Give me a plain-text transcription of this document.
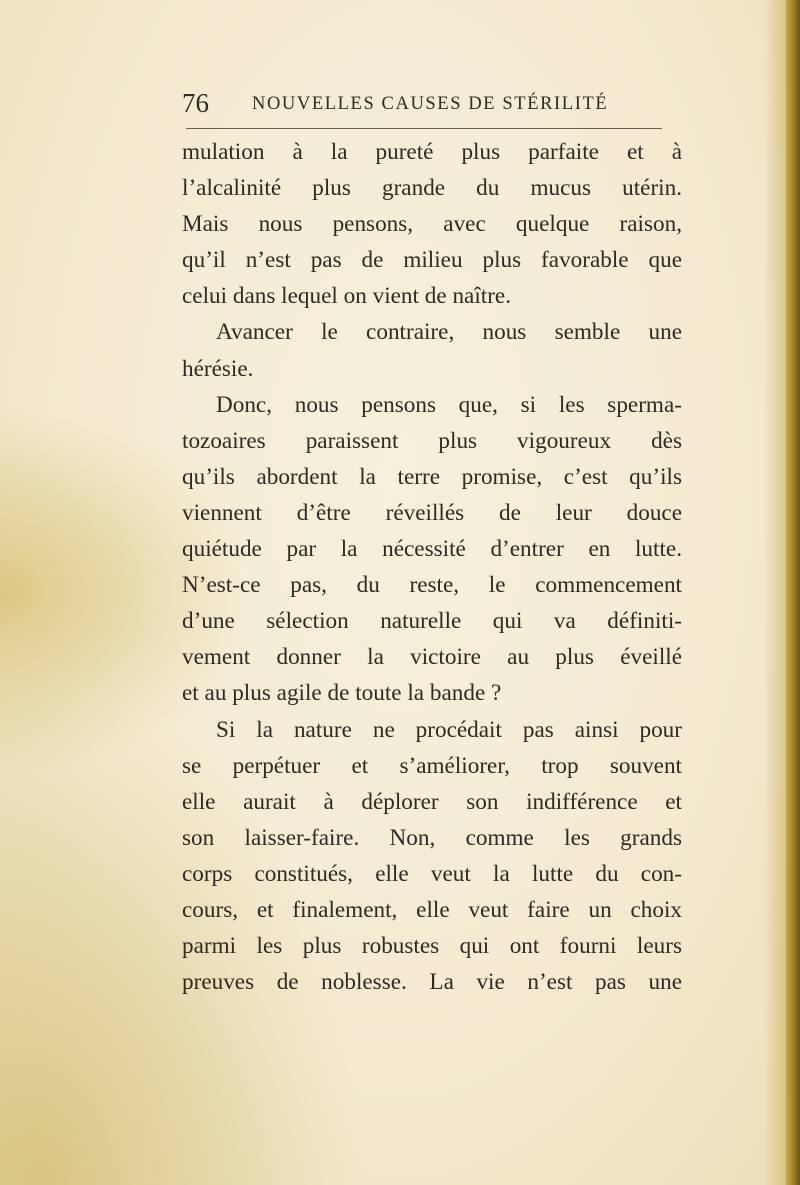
76 NOUVELLES CAUSES DE STÉRILITÉ
mulation à la pureté plus parfaite et à
l’alcalinité plus grande du mucus utérin.
Mais nous pensons, avec quelque raison,
qu’il n’est pas de milieu plus favorable que
celui dans lequel on vient de naître.
Avancer le contraire, nous semble une
hérésie.
Donc, nous pensons que, si les sperma-
tozoaires paraissent plus vigoureux dès
qu’ils abordent la terre promise, c’est qu’ils
viennent d’être réveillés de leur douce
quiétude par la nécessité d’entrer en lutte.
N’est-ce pas, du reste, le commencement
d’une sélection naturelle qui va définiti-
vement donner la victoire au plus éveillé
et au plus agile de toute la bande ?
Si la nature ne procédait pas ainsi pour
se perpétuer et s’améliorer, trop souvent
elle aurait à déplorer son indifférence et
son laisser-faire. Non, comme les grands
corps constitués, elle veut la lutte du con-
cours, et finalement, elle veut faire un choix
parmi les plus robustes qui ont fourni leurs
preuves de noblesse. La vie n’est pas une
